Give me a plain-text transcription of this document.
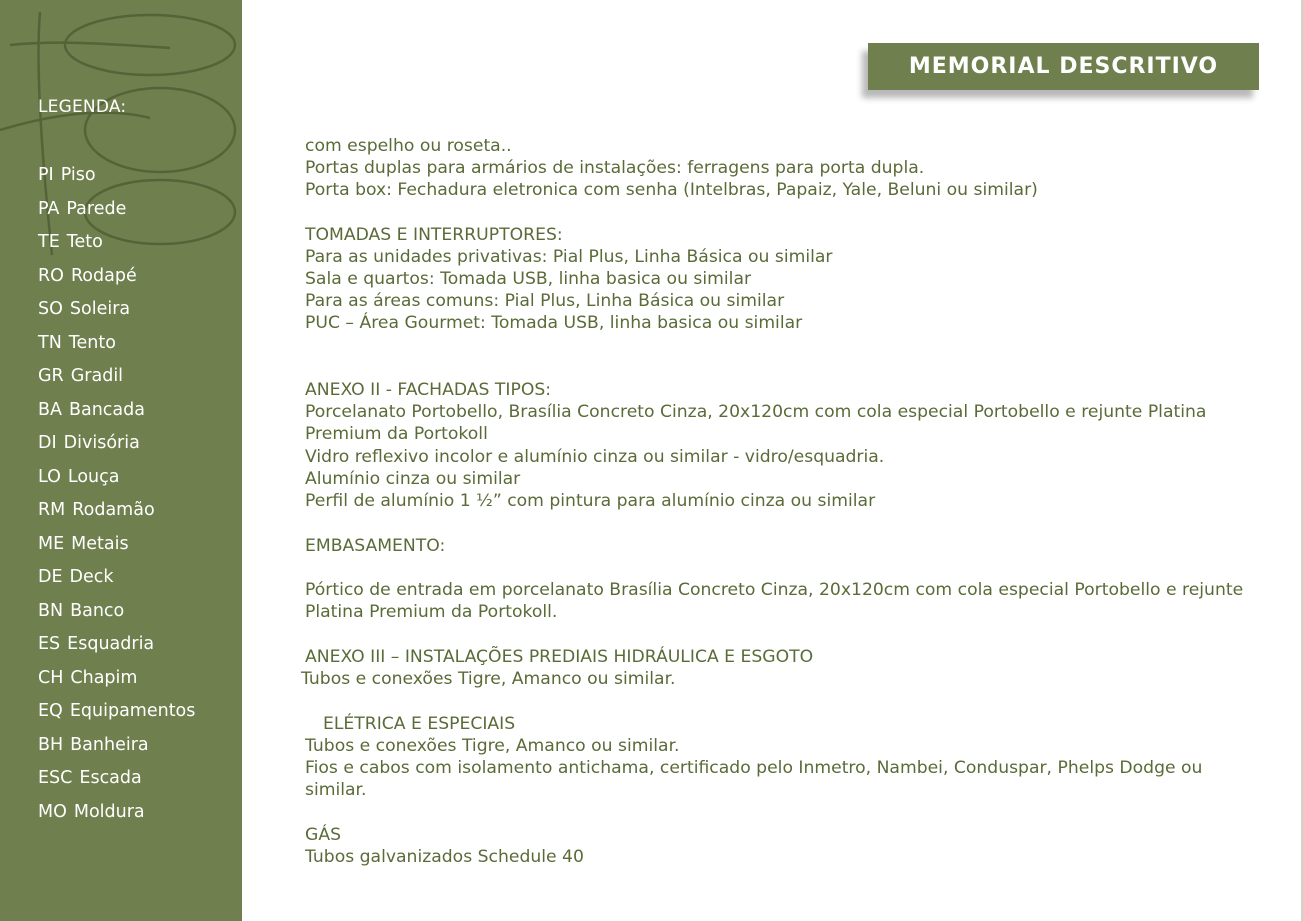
LEGENDA:

PI Piso
PA Parede
TE Teto
RO Rodapé
SO Soleira
TN Tento
GR Gradil
BA Bancada
DI Divisória
LO Louça
RM Rodamão
ME Metais
DE Deck
BN Banco
ES Esquadria
CH Chapim
EQ Equipamentos
BH Banheira
ESC Escada
MO Moldura
MEMORIAL DESCRITIVO

com espelho ou roseta..

Portas duplas para armários de instalações: ferragens para porta dupla.

Porta box: Fechadura eletronica com senha (Intelbras, Papaiz, Yale, Beluni ou similar)

TOMADAS E INTERRUPTORES:

Para as unidades privativas: Pial Plus, Linha Básica ou similar

Sala e quartos: Tomada USB, linha basica ou similar

Para as áreas comuns: Pial Plus, Linha Básica ou similar

PUC – Área Gourmet: Tomada USB, linha basica ou similar

ANEXO II - FACHADAS TIPOS:

Porcelanato Portobello, Brasília Concreto Cinza, 20x120cm com cola especial Portobello e rejunte Platina

Premium da Portokoll

Vidro reflexivo incolor e alumínio cinza ou similar - vidro/esquadria.

Alumínio cinza ou similar

Perfil de alumínio 1 ½” com pintura para alumínio cinza ou similar

EMBASAMENTO:

Pórtico de entrada em porcelanato Brasília Concreto Cinza, 20x120cm com cola especial Portobello e rejunte

Platina Premium da Portokoll.

ANEXO III – INSTALAÇÕES PREDIAIS HIDRÁULICA E ESGOTO

Tubos e conexões Tigre, Amanco ou similar.

ELÉTRICA E ESPECIAIS

Tubos e conexões Tigre, Amanco ou similar.

Fios e cabos com isolamento antichama, certificado pelo Inmetro, Nambei, Conduspar, Phelps Dodge ou

similar.

GÁS

Tubos galvanizados Schedule 40
